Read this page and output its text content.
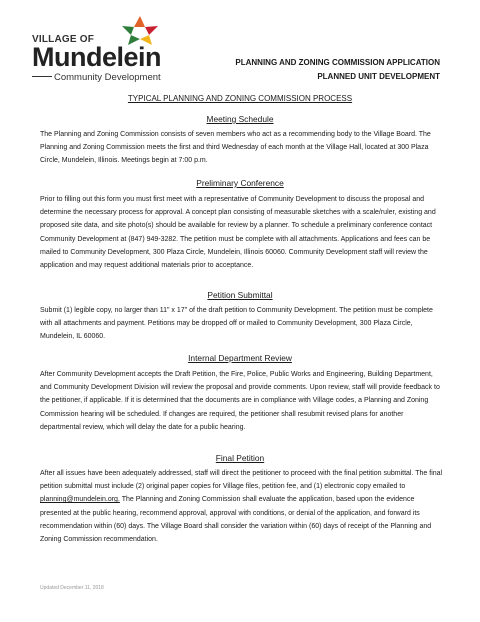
VILLAGE OF
Mundelein
Community Development
PLANNING AND ZONING COMMISSION APPLICATION
PLANNED UNIT DEVELOPMENT
TYPICAL PLANNING AND ZONING COMMISSION PROCESS
Meeting Schedule
The Planning and Zoning Commission consists of seven members who act as a recommending body to the Village Board. The Planning and Zoning Commission meets the first and third Wednesday of each month at the Village Hall, located at 300 Plaza Circle, Mundelein, Illinois. Meetings begin at 7:00 p.m.
Preliminary Conference
Prior to filling out this form you must first meet with a representative of Community Development to discuss the proposal and determine the necessary process for approval. A concept plan consisting of measurable sketches with a scale/ruler, existing and proposed site data, and site photo(s) should be available for review by a planner. To schedule a preliminary conference contact Community Development at (847) 949-3282. The petition must be complete with all attachments. Applications and fees can be mailed to Community Development, 300 Plaza Circle, Mundelein, Illinois 60060. Community Development staff will review the application and may request additional materials prior to acceptance.
Petition Submittal
Submit (1) legible copy, no larger than 11" x 17" of the draft petition to Community Development. The petition must be complete with all attachments and payment. Petitions may be dropped off or mailed to Community Development, 300 Plaza Circle, Mundelein, IL 60060.
Internal Department Review
After Community Development accepts the Draft Petition, the Fire, Police, Public Works and Engineering, Building Department, and Community Development Division will review the proposal and provide comments. Upon review, staff will provide feedback to the petitioner, if applicable. If it is determined that the documents are in compliance with Village codes, a Planning and Zoning Commission hearing will be scheduled. If changes are required, the petitioner shall resubmit revised plans for another departmental review, which will delay the date for a public hearing.
Final Petition
After all issues have been adequately addressed, staff will direct the petitioner to proceed with the final petition submittal. The final petition submittal must include (2) original paper copies for Village files, petition fee, and (1) electronic copy emailed to planning@mundelein.org. The Planning and Zoning Commission shall evaluate the application, based upon the evidence presented at the public hearing, recommend approval, approval with conditions, or denial of the application, and forward its recommendation within (60) days. The Village Board shall consider the variation within (60) days of receipt of the Planning and Zoning Commission recommendation.
Updated December 11, 2018
